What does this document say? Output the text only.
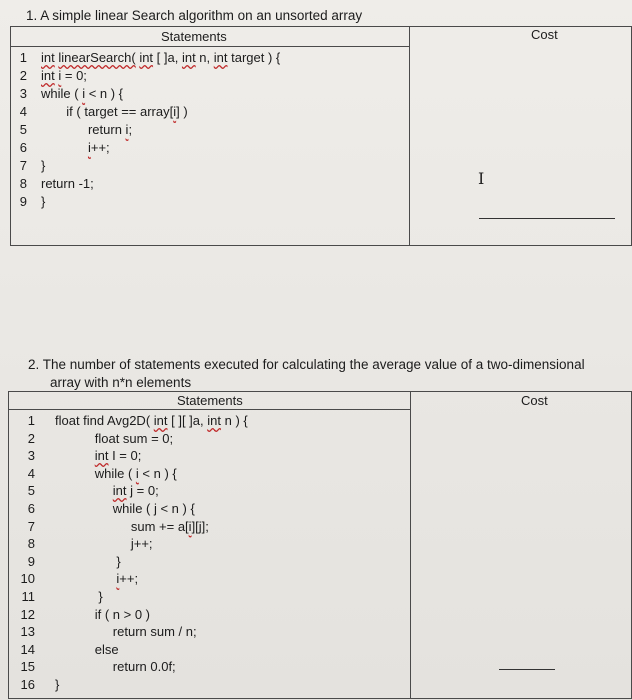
1. A simple linear Search algorithm on an unsorted array
Statements	Cost
1 int linearSearch( int [ ]a, int n, int target ) {
2 int i = 0;
3 while ( i < n ) {
4	if ( target == array[i] )
5	return i;
6	i++;
7 }
8 return -1;
9 }
I
2. The number of statements executed for calculating the average value of a two-dimensional
array with n*n elements
Statements	Cost
1 float find Avg2D( int [ ][ ]a, int n ) {
2	float sum = 0;
3	int I = 0;
4	while ( i < n ) {
5	int j = 0;
6	while ( j < n ) {
7	sum += a[i][j];
8	j++;
9	}
10	i++;
11	}
12	if ( n > 0 )
13	return sum / n;
14	else
15	return 0.0f;
16 }
